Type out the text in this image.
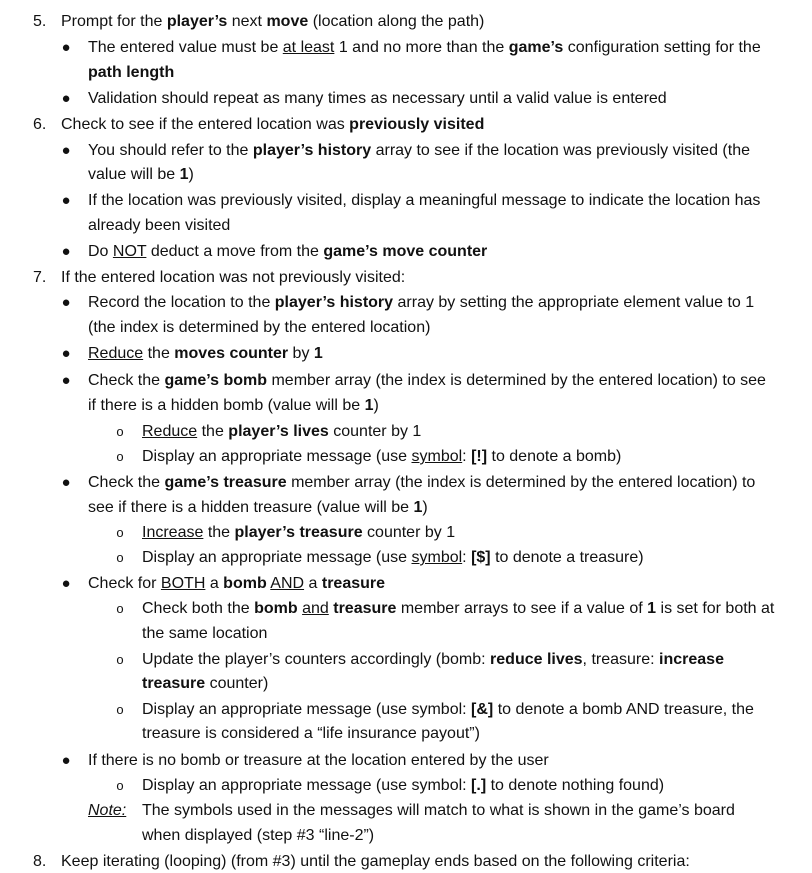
5. Prompt for the player’s next move (location along the path)
● The entered value must be at least 1 and no more than the game’s configuration setting for the
path length
● Validation should repeat as many times as necessary until a valid value is entered
6. Check to see if the entered location was previously visited
● You should refer to the player’s history array to see if the location was previously visited (the
value will be 1)
● If the location was previously visited, display a meaningful message to indicate the location has
already been visited
● Do NOT deduct a move from the game’s move counter
7. If the entered location was not previously visited:
● Record the location to the player’s history array by setting the appropriate element value to 1
(the index is determined by the entered location)
● Reduce the moves counter by 1
● Check the game’s bomb member array (the index is determined by the entered location) to see
if there is a hidden bomb (value will be 1)
o Reduce the player’s lives counter by 1
o Display an appropriate message (use symbol: [!] to denote a bomb)
● Check the game’s treasure member array (the index is determined by the entered location) to
see if there is a hidden treasure (value will be 1)
o Increase the player’s treasure counter by 1
o Display an appropriate message (use symbol: [$] to denote a treasure)
● Check for BOTH a bomb AND a treasure
o Check both the bomb and treasure member arrays to see if a value of 1 is set for both at
the same location
o Update the player’s counters accordingly (bomb: reduce lives, treasure: increase
treasure counter)
o Display an appropriate message (use symbol: [&] to denote a bomb AND treasure, the
treasure is considered a “life insurance payout”)
● If there is no bomb or treasure at the location entered by the user
o Display an appropriate message (use symbol: [.] to denote nothing found)
Note: The symbols used in the messages will match to what is shown in the game’s board
when displayed (step #3 “line-2”)
8. Keep iterating (looping) (from #3) until the gameplay ends based on the following criteria:
